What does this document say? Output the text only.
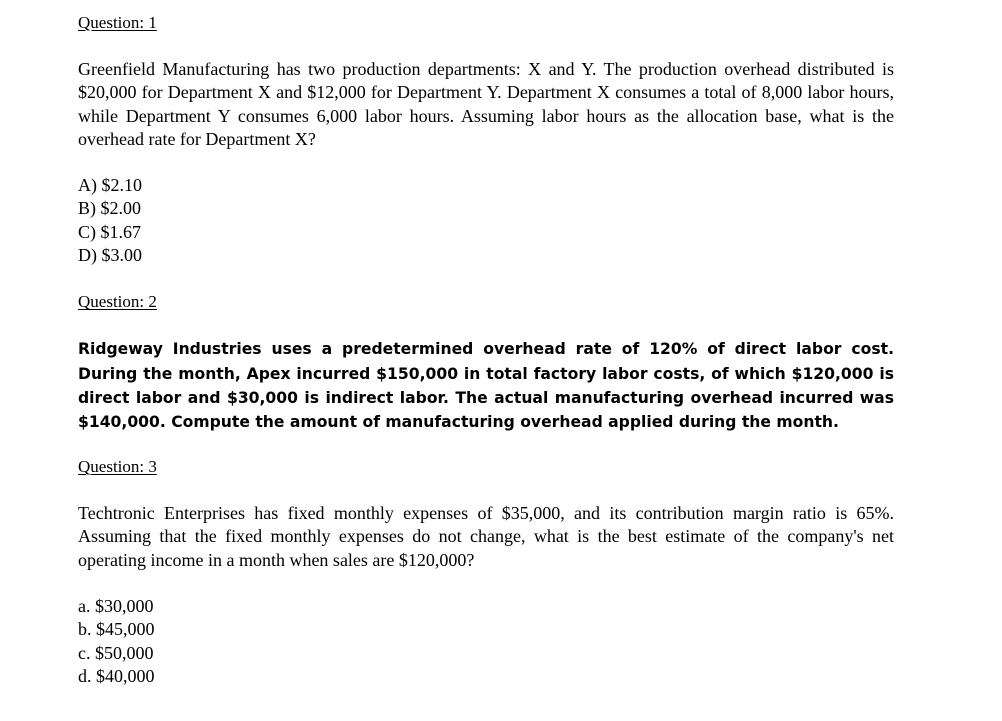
Question: 1

Greenfield Manufacturing has two production departments: X and Y. The production overhead distributed is $20,000 for Department X and $12,000 for Department Y. Department X consumes a total of 8,000 labor hours, while Department Y consumes 6,000 labor hours. Assuming labor hours as the allocation base, what is the overhead rate for Department X?

A) $2.10
B) $2.00
C) $1.67
D) $3.00

Question: 2

Ridgeway Industries uses a predetermined overhead rate of 120% of direct labor cost. During the month, Apex incurred $150,000 in total factory labor costs, of which $120,000 is direct labor and $30,000 is indirect labor. The actual manufacturing overhead incurred was $140,000. Compute the amount of manufacturing overhead applied during the month.

Question: 3

Techtronic Enterprises has fixed monthly expenses of $35,000, and its contribution margin ratio is 65%. Assuming that the fixed monthly expenses do not change, what is the best estimate of the company's net operating income in a month when sales are $120,000?

a. $30,000
b. $45,000
c. $50,000
d. $40,000
